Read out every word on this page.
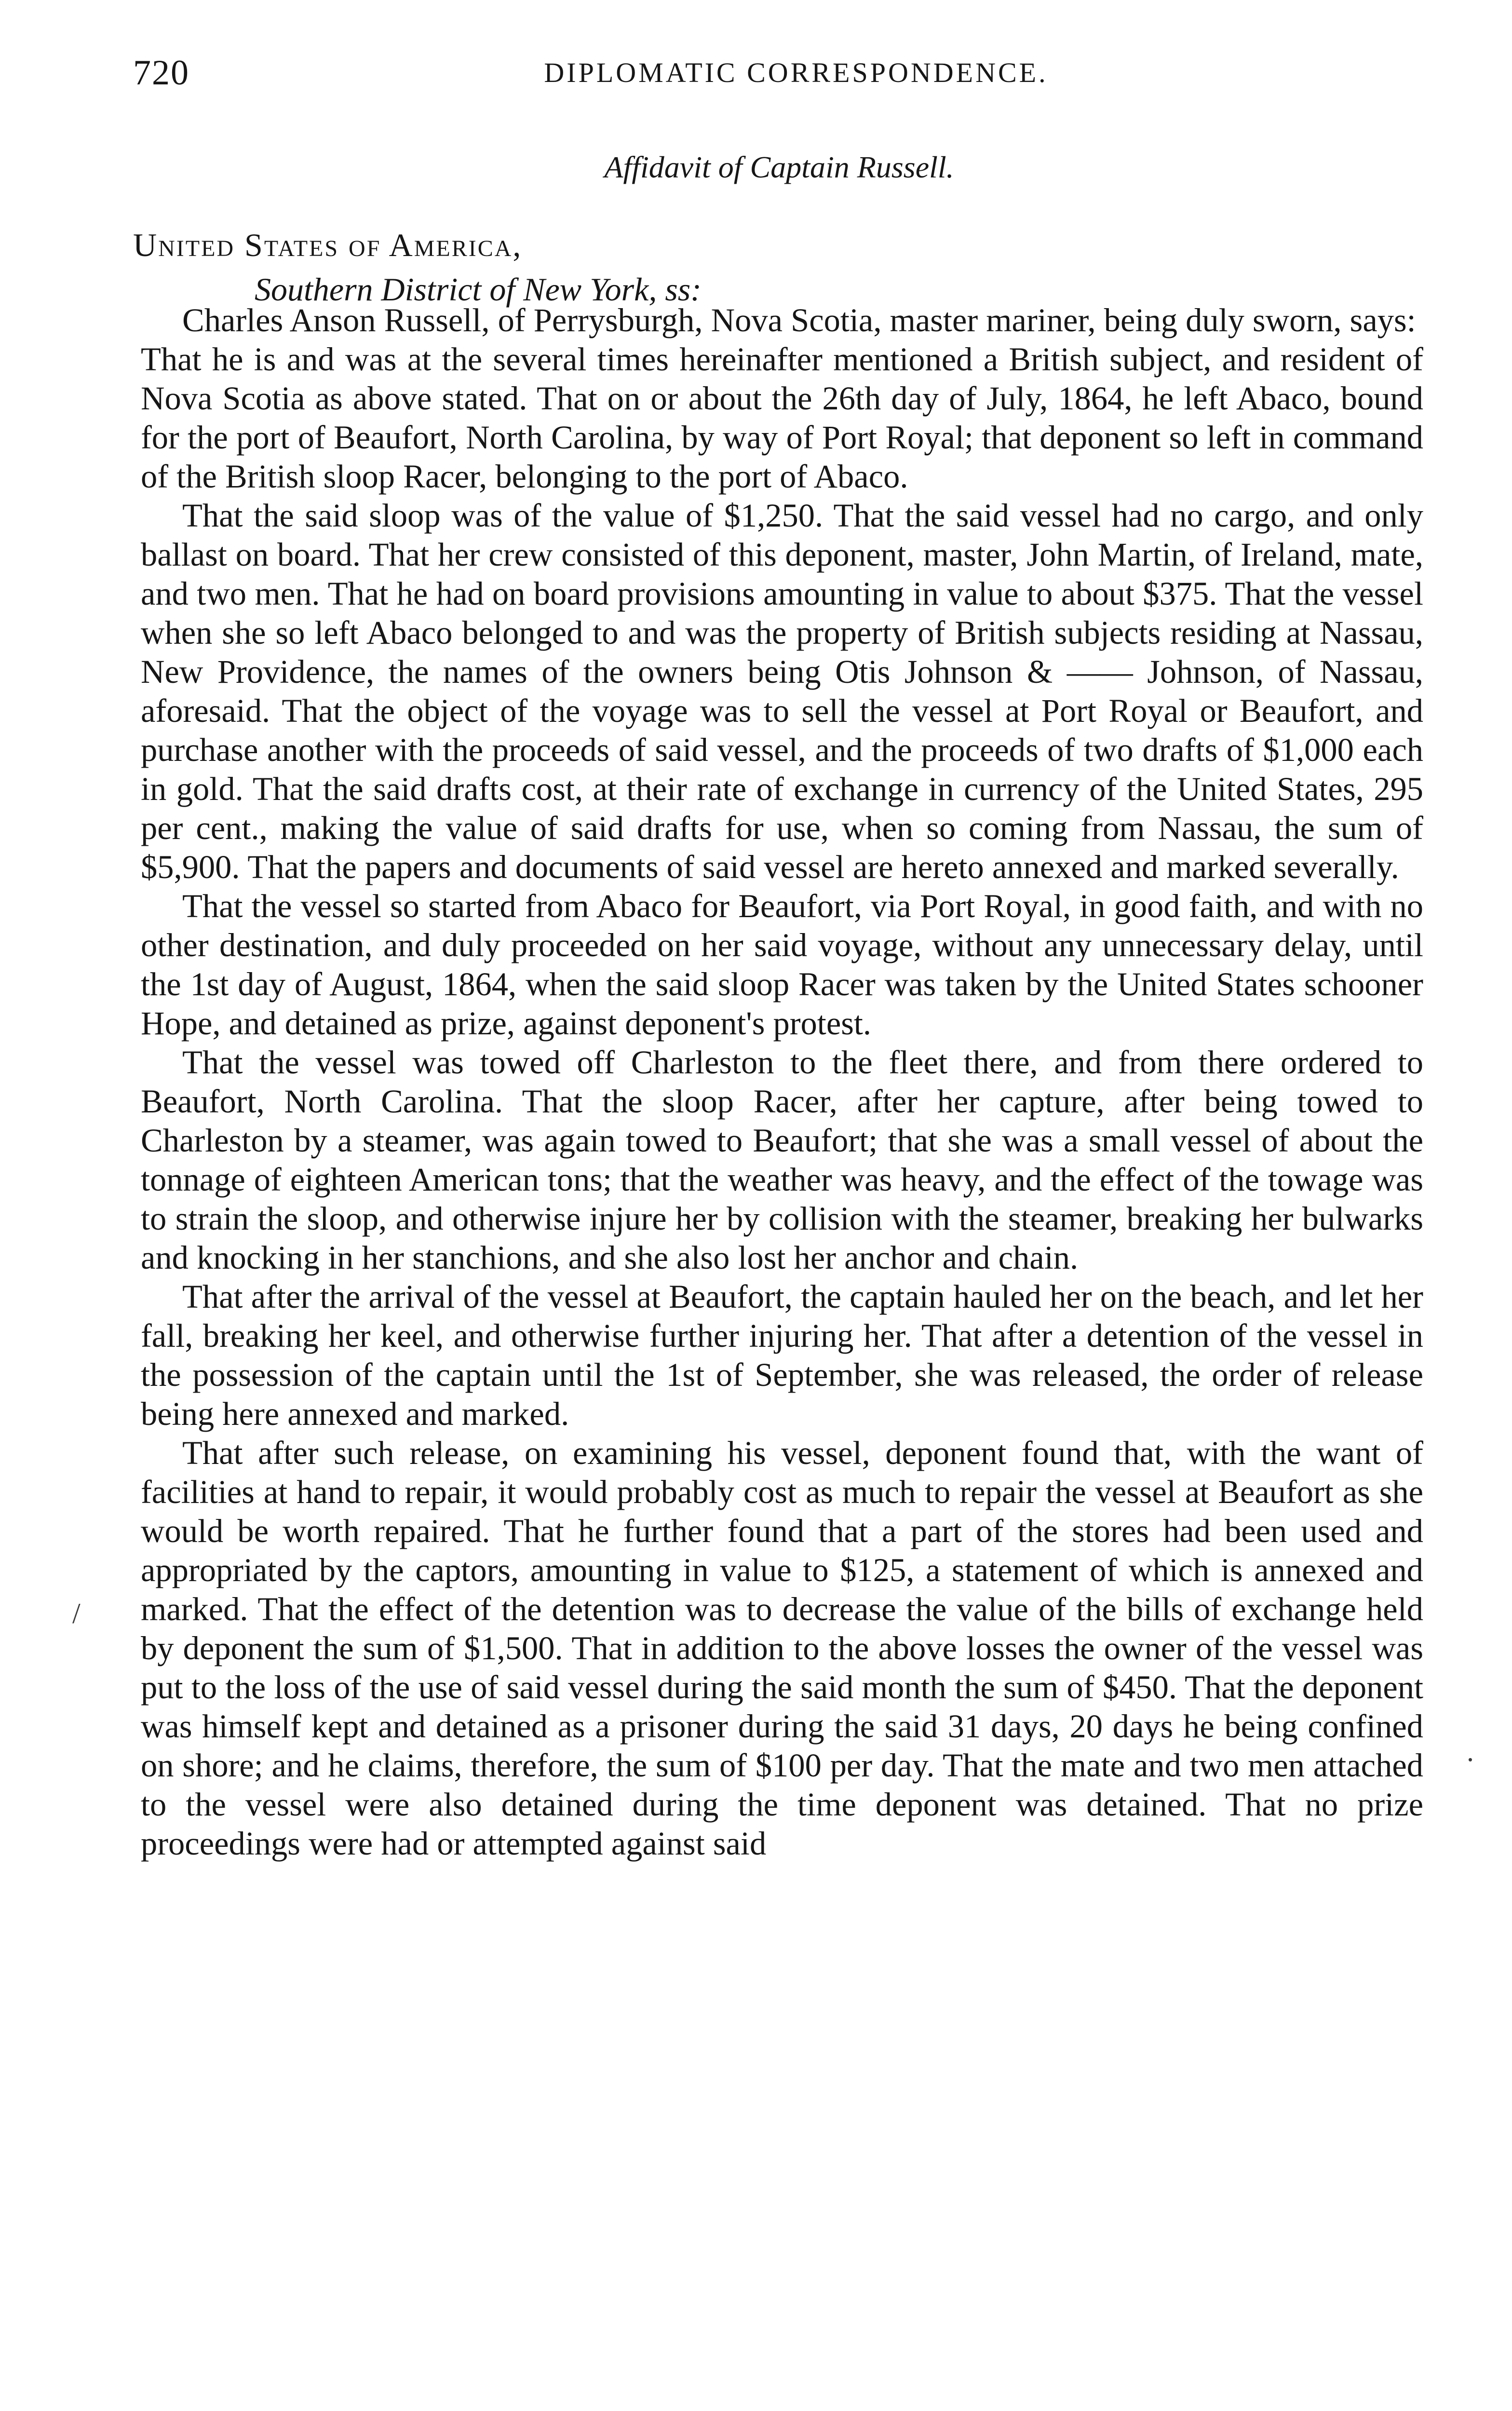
720	DIPLOMATIC CORRESPONDENCE.
Affidavit of Captain Russell.
United States of America,
Southern District of New York, ss:

Charles Anson Russell, of Perrysburgh, Nova Scotia, master mariner, being duly sworn, says:

That he is and was at the several times hereinafter mentioned a British subject, and resident of Nova Scotia as above stated. That on or about the 26th day of July, 1864, he left Abaco, bound for the port of Beaufort, North Carolina, by way of Port Royal; that deponent so left in command of the British sloop Racer, belonging to the port of Abaco.

That the said sloop was of the value of $1,250. That the said vessel had no cargo, and only ballast on board. That her crew consisted of this deponent, master, John Martin, of Ireland, mate, and two men. That he had on board provisions amounting in value to about $375. That the vessel when she so left Abaco belonged to and was the property of British subjects residing at Nassau, New Providence, the names of the owners being Otis Johnson & —— Johnson, of Nassau, aforesaid. That the object of the voyage was to sell the vessel at Port Royal or Beaufort, and purchase another with the proceeds of said vessel, and the proceeds of two drafts of $1,000 each in gold. That the said drafts cost, at their rate of exchange in currency of the United States, 295 per cent., making the value of said drafts for use, when so coming from Nassau, the sum of $5,900. That the papers and documents of said vessel are hereto annexed and marked severally.

That the vessel so started from Abaco for Beaufort, via Port Royal, in good faith, and with no other destination, and duly proceeded on her said voyage, without any unnecessary delay, until the 1st day of August, 1864, when the said sloop Racer was taken by the United States schooner Hope, and detained as prize, against deponent's protest.

That the vessel was towed off Charleston to the fleet there, and from there ordered to Beaufort, North Carolina. That the sloop Racer, after her capture, after being towed to Charleston by a steamer, was again towed to Beaufort; that she was a small vessel of about the tonnage of eighteen American tons; that the weather was heavy, and the effect of the towage was to strain the sloop, and otherwise injure her by collision with the steamer, breaking her bulwarks and knocking in her stanchions, and she also lost her anchor and chain.

That after the arrival of the vessel at Beaufort, the captain hauled her on the beach, and let her fall, breaking her keel, and otherwise further injuring her. That after a detention of the vessel in the possession of the captain until the 1st of September, she was released, the order of release being here annexed and marked.

That after such release, on examining his vessel, deponent found that, with the want of facilities at hand to repair, it would probably cost as much to repair the vessel at Beaufort as she would be worth repaired. That he further found that a part of the stores had been used and appropriated by the captors, amounting in value to $125, a statement of which is annexed and marked. That the effect of the detention was to decrease the value of the bills of exchange held by deponent the sum of $1,500. That in addition to the above losses the owner of the vessel was put to the loss of the use of said vessel during the said month the sum of $450. That the deponent was himself kept and detained as a prisoner during the said 31 days, 20 days he being confined on shore; and he claims, therefore, the sum of $100 per day. That the mate and two men attached to the vessel were also detained during the time deponent was detained. That no prize proceedings were had or attempted against said

/
.
